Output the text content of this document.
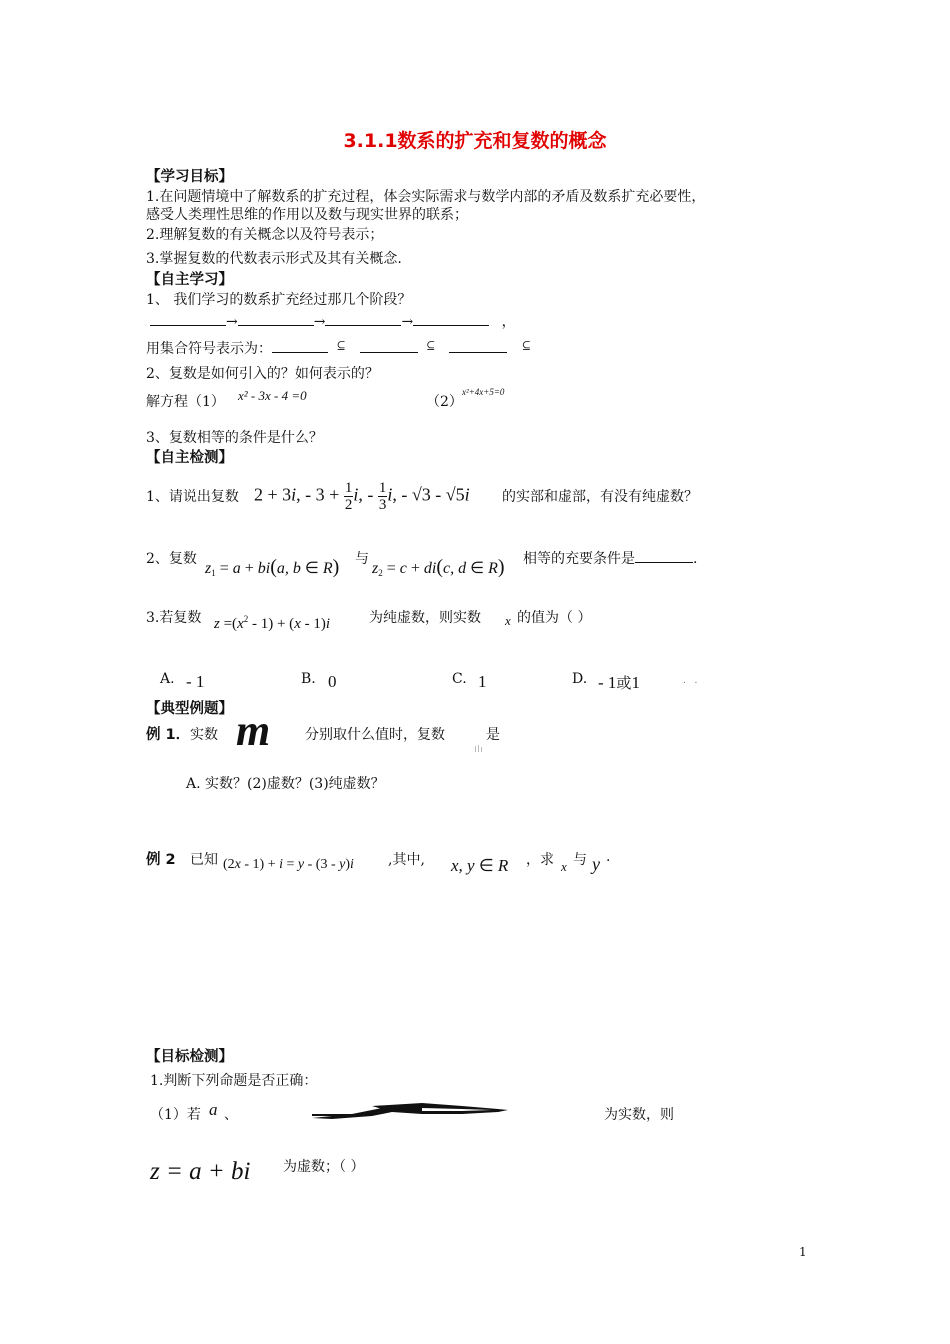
3.1.1数系的扩充和复数的概念
【学习目标】
1.在问题情境中了解数系的扩充过程，体会实际需求与数学内部的矛盾及数系扩充必要性，
感受人类理性思维的作用以及数与现实世界的联系；
2.理解复数的有关概念以及符号表示；
3.掌握复数的代数表示形式及其有关概念.
【自主学习】
1、 我们学习的数系扩充经过那几个阶段？
→	→	→	，
用集合符号表示为：	⊆	⊆	⊆
2、复数是如何引入的？如何表示的？
解方程（1） x² - 3x - 4 =0	（2）
x²+4x+5=0
3、复数相等的条件是什么？
【自主检测】
1、请说出复数 2 + 3i, - $3 + \frac{1}{2} i$, - $\frac{1}{3} i$, - √3 - √5i 的实部和虚部，有没有纯虚数？
2、复数
$z_1 = a + bi(a$, b ∈ R) 与
$z_2 = c + di(c$, d ∈ R) 相等的充要条件是	.
3.若复数 $z =(x^2 - 1) + (x - 1)i$	为纯虚数，则实数 x 的值为（ ）
A. - 1	B. 0	C. 1	D. - 1或1	.   .
【典型例题】
例 1． 实数 m 分别取什么值时，复数	是
A. 实数？(2)虚数？(3)纯虚数？
例 2 已知 (2x - 1) + i = y - (3 - y)i ,其中, x, y ∈ R ，求 x 与 y .
【目标检测】
1.判断下列命题是否正确：
（1）若 a 、	为实数，则
z = a + bi 为虚数；（ ）
1
